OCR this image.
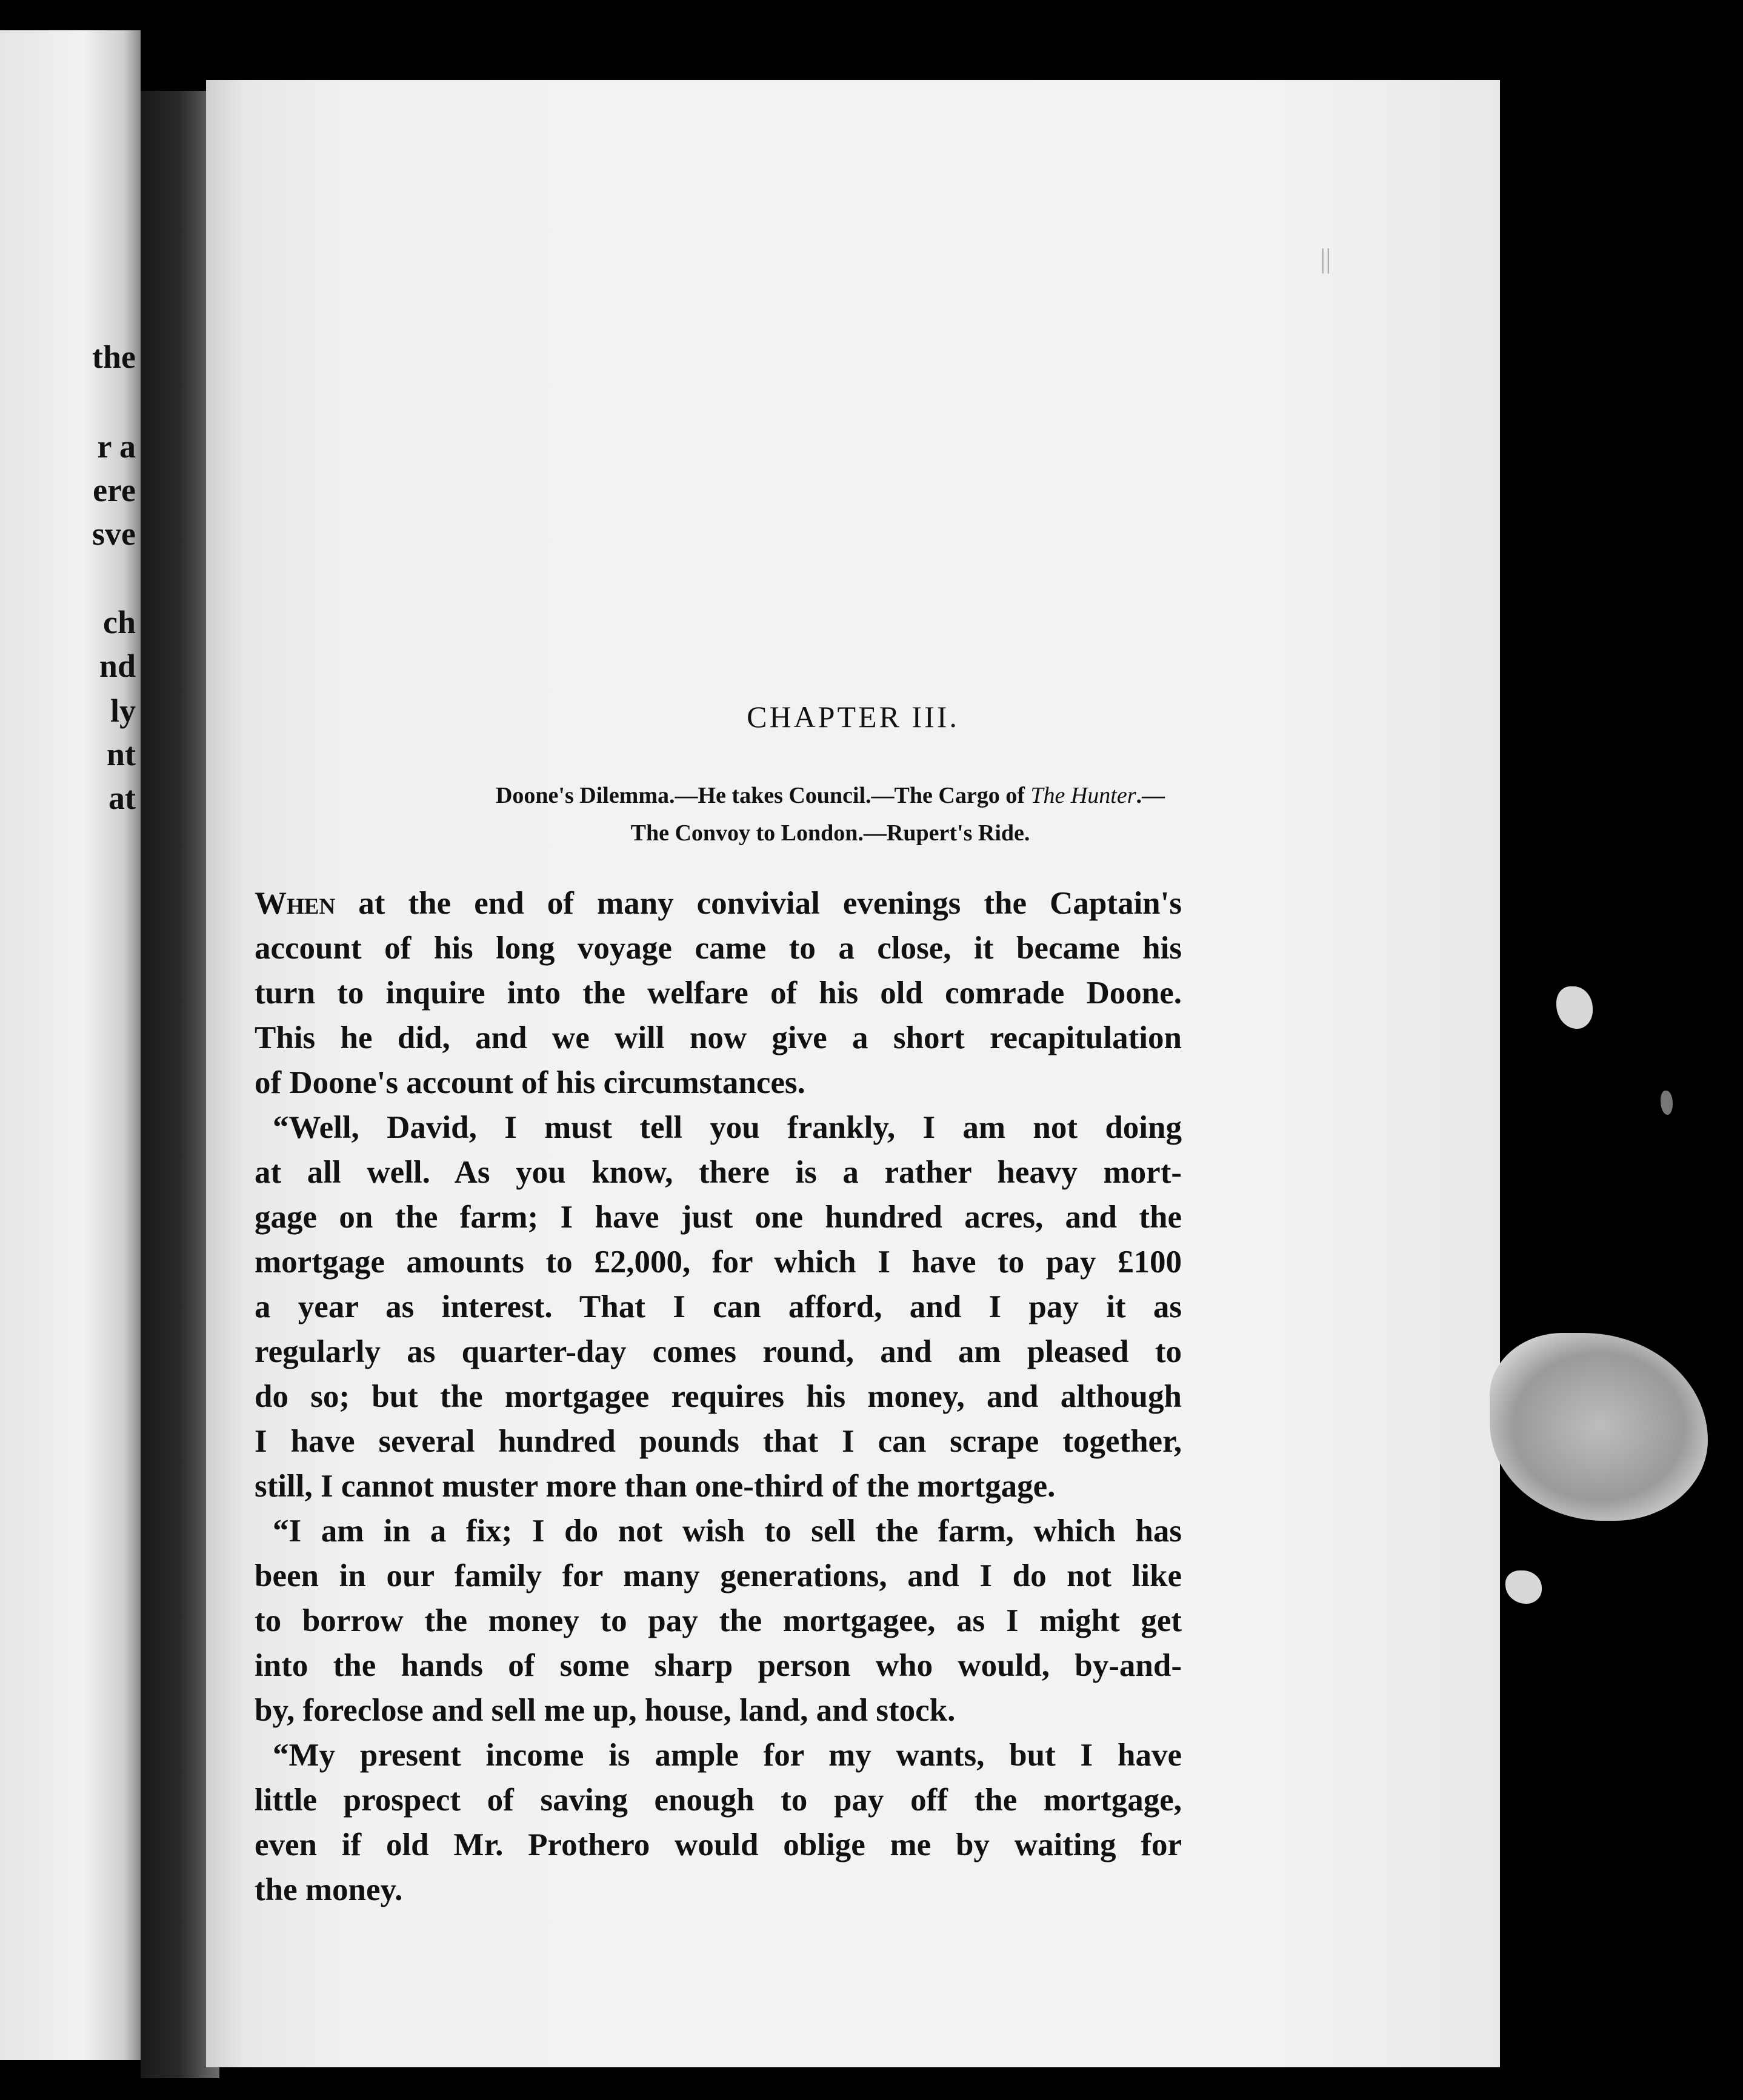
the
r a
ere
sve
ch
nd
ly
nt
at
||
CHAPTER III.
Doone's Dilemma.—He takes Council.—The Cargo of The Hunter.—
The Convoy to London.—Rupert's Ride.

When at the end of many convivial evenings the Captain's
account of his long voyage came to a close, it became his
turn to inquire into the welfare of his old comrade Doone.
This he did, and we will now give a short recapitulation
of Doone's account of his circumstances.

“Well, David, I must tell you frankly, I am not doing
at all well. As you know, there is a rather heavy mort-
gage on the farm; I have just one hundred acres, and the
mortgage amounts to £2,000, for which I have to pay £100
a year as interest. That I can afford, and I pay it as
regularly as quarter-day comes round, and am pleased to
do so; but the mortgagee requires his money, and although
I have several hundred pounds that I can scrape together,
still, I cannot muster more than one-third of the mortgage.

“I am in a fix; I do not wish to sell the farm, which has
been in our family for many generations, and I do not like
to borrow the money to pay the mortgagee, as I might get
into the hands of some sharp person who would, by-and-
by, foreclose and sell me up, house, land, and stock.

“My present income is ample for my wants, but I have
little prospect of saving enough to pay off the mortgage,
even if old Mr. Prothero would oblige me by waiting for
the money.
